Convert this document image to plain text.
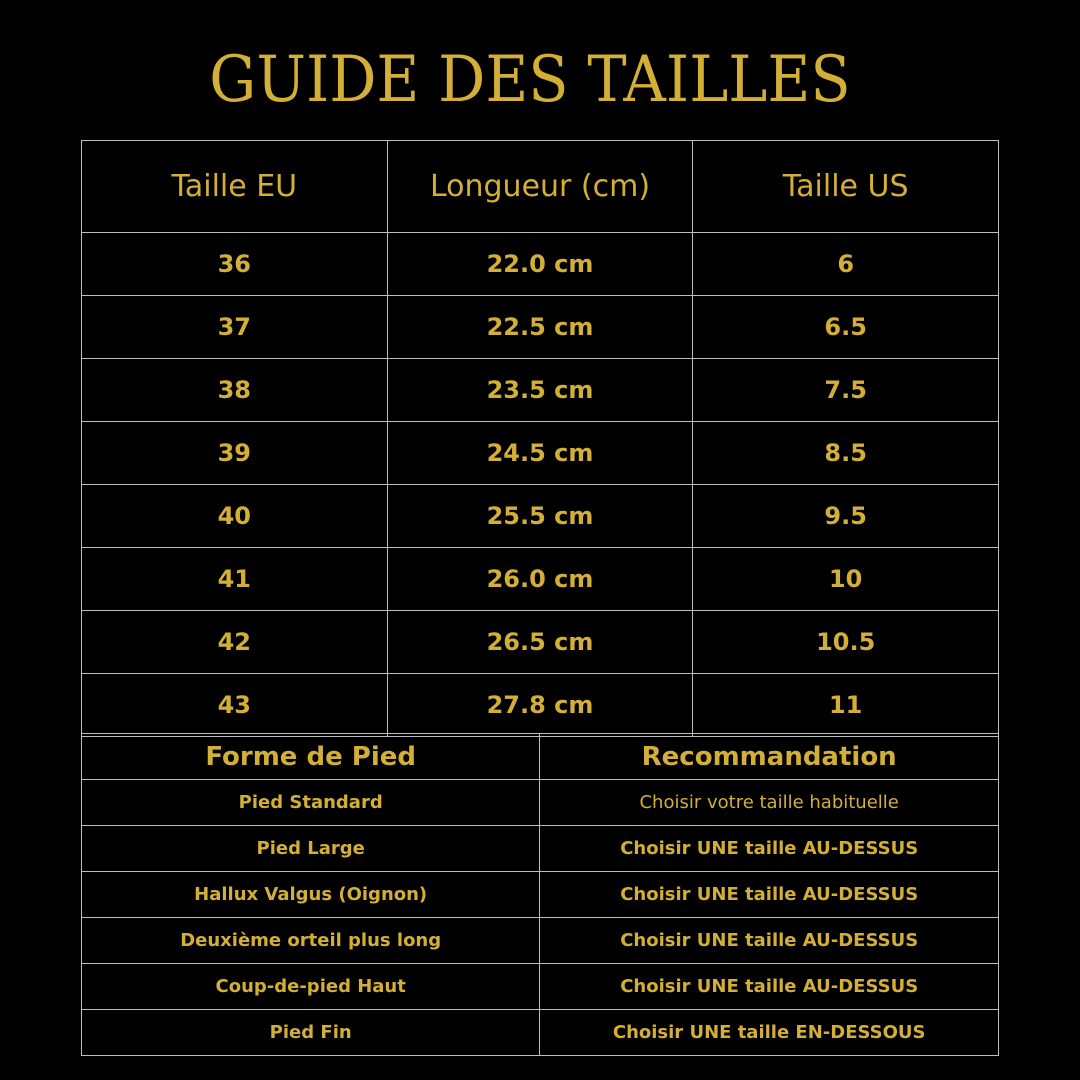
GUIDE DES TAILLES
Taille EU	Longueur (cm)	Taille US
36	22.0 cm	6
37	22.5 cm	6.5
38	23.5 cm	7.5
39	24.5 cm	8.5
40	25.5 cm	9.5
41	26.0 cm	10
42	26.5 cm	10.5
43	27.8 cm	11
Forme de Pied	Recommandation
Pied Standard	Choisir votre taille habituelle
Pied Large	Choisir UNE taille AU-DESSUS
Hallux Valgus (Oignon)	Choisir UNE taille AU-DESSUS
Deuxième orteil plus long	Choisir UNE taille AU-DESSUS
Coup-de-pied Haut	Choisir UNE taille AU-DESSUS
Pied Fin	Choisir UNE taille EN-DESSOUS
